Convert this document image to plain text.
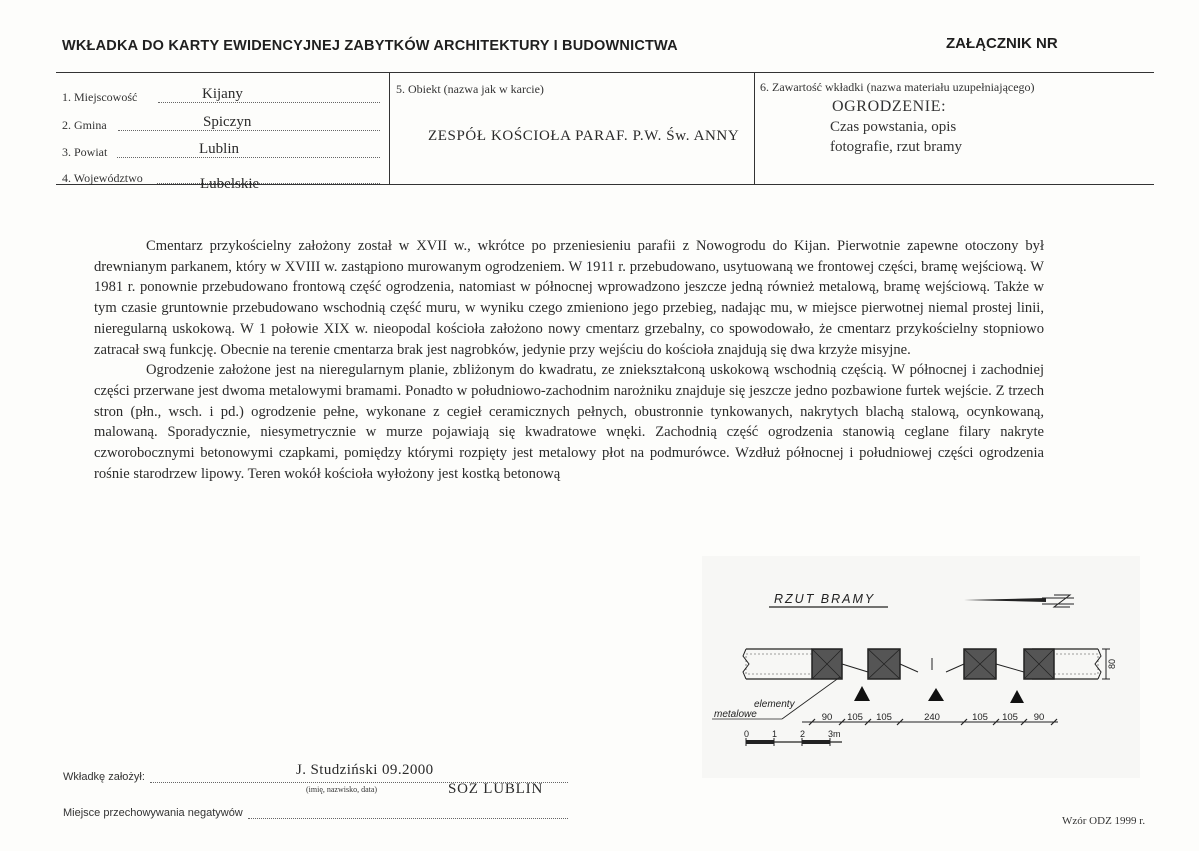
WKŁADKA DO KARTY EWIDENCYJNEJ ZABYTKÓW ARCHITEKTURY I BUDOWNICTWA	ZAŁĄCZNIK NR
1. Miejscowość	Kijany
2. Gmina	Spiczyn
3. Powiat	Lublin
4. Województwo	Lubelskie
5. Obiekt (nazwa jak w karcie)
ZESPÓŁ KOŚCIOŁA PARAF. P.W. Św. ANNY
6. Zawartość wkładki (nazwa materiału uzupełniającego)
OGRODZENIE:
Czas powstania, opis
fotografie, rzut bramy

Cmentarz przykościelny założony został w XVII w., wkrótce po przeniesieniu parafii z Nowogrodu do Kijan. Pierwotnie zapewne otoczony był drewnianym parkanem, który w XVIII w. zastąpiono murowanym ogrodzeniem. W 1911 r. przebudowano, usytuowaną we frontowej części, bramę wejściową. W 1981 r. ponownie przebudowano frontową część ogrodzenia, natomiast w północnej wprowadzono jeszcze jedną również metalową, bramę wejściową. Także w tym czasie gruntownie przebudowano wschodnią część muru, w wyniku czego zmieniono jego przebieg, nadając mu, w miejsce pierwotnej niemal prostej linii, nieregularną uskokową. W 1 połowie XIX w. nieopodal kościoła założono nowy cmentarz grzebalny, co spowodowało, że cmentarz przykościelny stopniowo zatracał swą funkcję. Obecnie na terenie cmentarza brak jest nagrobków, jedynie przy wejściu do kościoła znajdują się dwa krzyże misyjne.

Ogrodzenie założone jest na nieregularnym planie, zbliżonym do kwadratu, ze zniekształconą uskokową wschodnią częścią. W północnej i zachodniej części przerwane jest dwoma metalowymi bramami. Ponadto w południowo-zachodnim narożniku znajduje się jeszcze jedno pozbawione furtek wejście. Z trzech stron (płn., wsch. i pd.) ogrodzenie pełne, wykonane z cegieł ceramicznych pełnych, obustronnie tynkowanych, nakrytych blachą stalową, ocynkowaną, malowaną. Sporadycznie, niesymetrycznie w murze pojawiają się kwadratowe wnęki. Zachodnią część ogrodzenia stanowią ceglane filary nakryte czworobocznymi betonowymi czapkami, pomiędzy którymi rozpięty jest metalowy płot na podmurówce. Wzdłuż północnej i południowej części ogrodzenia rośnie starodrzew lipowy. Teren wokół kościoła wyłożony jest kostką betonową

RZUT BRAMY
80
elementy
metalowe	90 105 105	240	105 105 90
0	1	2	3m
Wkładkę założył:	J. Studziński 09.2000
(imię, nazwisko, data)	SOZ LUBLIN
Miejsce przechowywania negatywów
Wzór ODZ 1999 r.
